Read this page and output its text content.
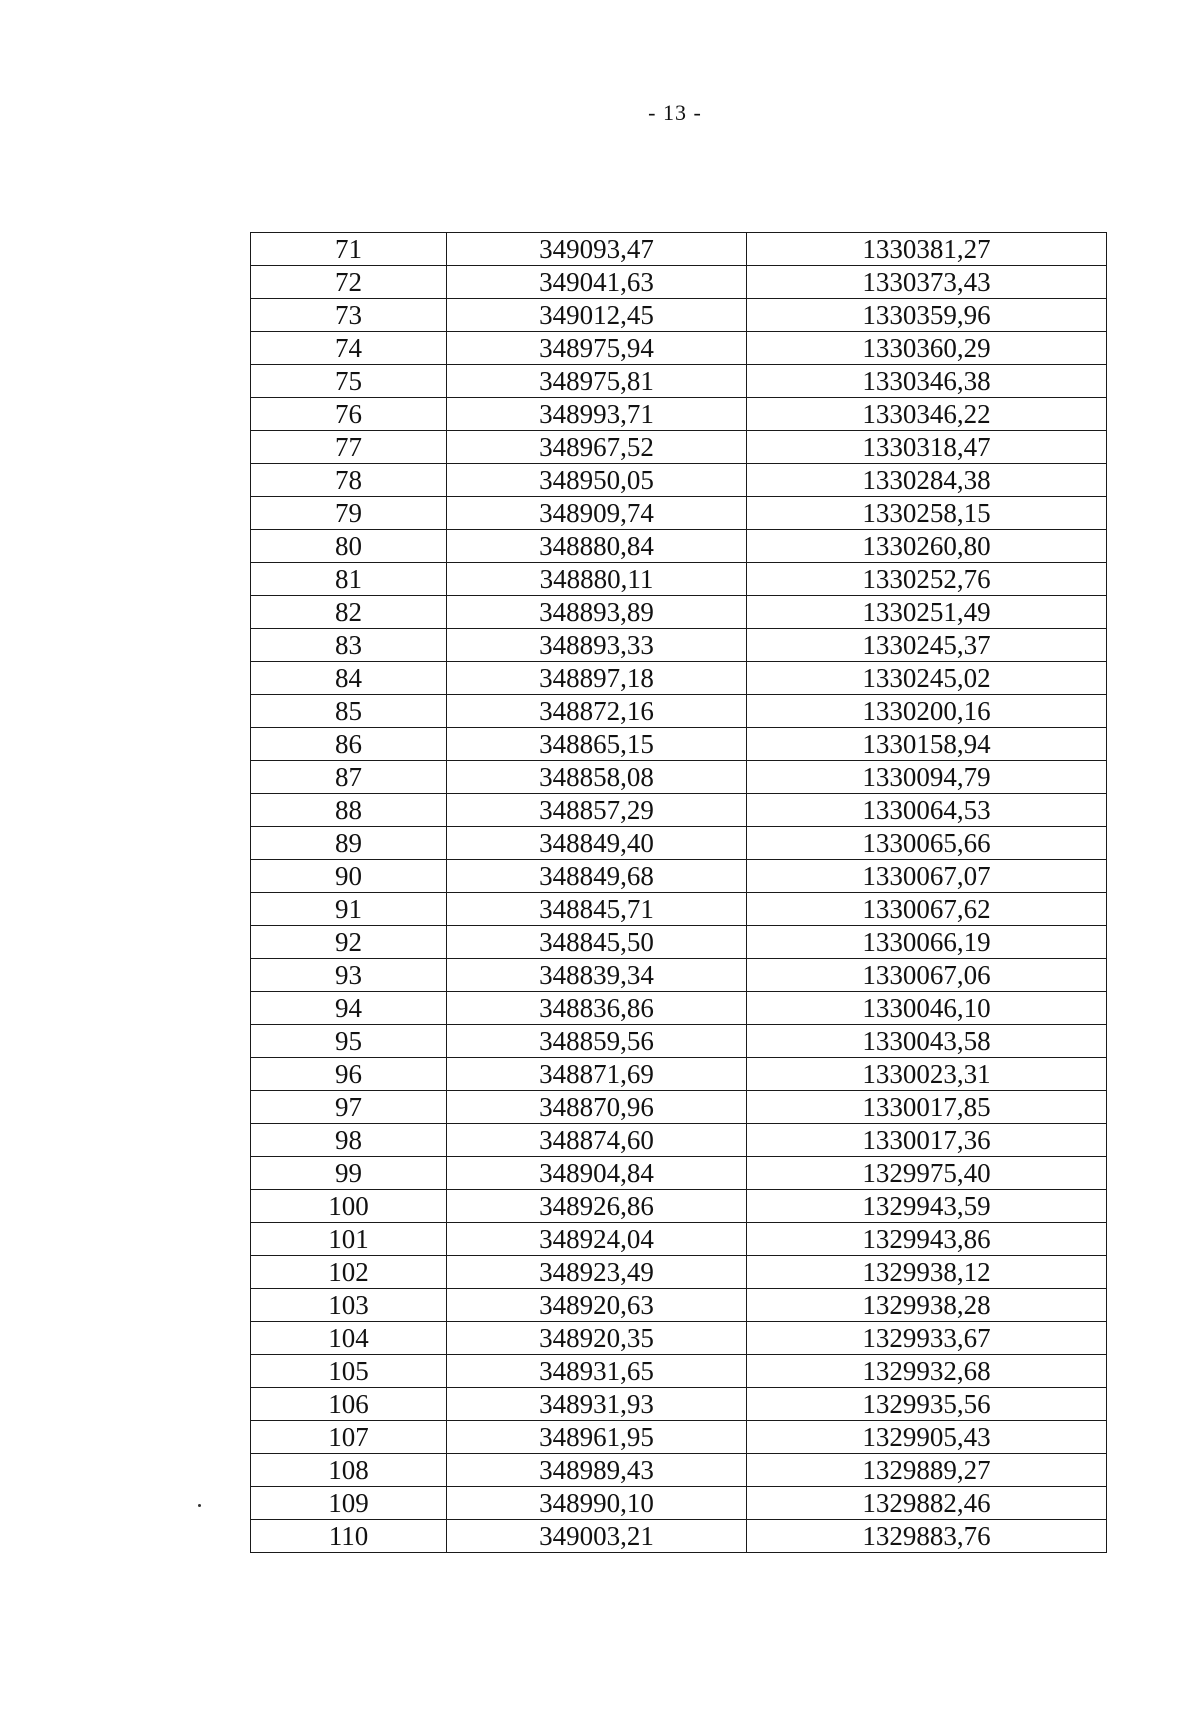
- 13 -
71	349093,47	1330381,27
72	349041,63	1330373,43
73	349012,45	1330359,96
74	348975,94	1330360,29
75	348975,81	1330346,38
76	348993,71	1330346,22
77	348967,52	1330318,47
78	348950,05	1330284,38
79	348909,74	1330258,15
80	348880,84	1330260,80
81	348880,11	1330252,76
82	348893,89	1330251,49
83	348893,33	1330245,37
84	348897,18	1330245,02
85	348872,16	1330200,16
86	348865,15	1330158,94
87	348858,08	1330094,79
88	348857,29	1330064,53
89	348849,40	1330065,66
90	348849,68	1330067,07
91	348845,71	1330067,62
92	348845,50	1330066,19
93	348839,34	1330067,06
94	348836,86	1330046,10
95	348859,56	1330043,58
96	348871,69	1330023,31
97	348870,96	1330017,85
98	348874,60	1330017,36
99	348904,84	1329975,40
100	348926,86	1329943,59
101	348924,04	1329943,86
102	348923,49	1329938,12
103	348920,63	1329938,28
104	348920,35	1329933,67
105	348931,65	1329932,68
106	348931,93	1329935,56
107	348961,95	1329905,43
108	348989,43	1329889,27
109	348990,10	1329882,46
110	349003,21	1329883,76
